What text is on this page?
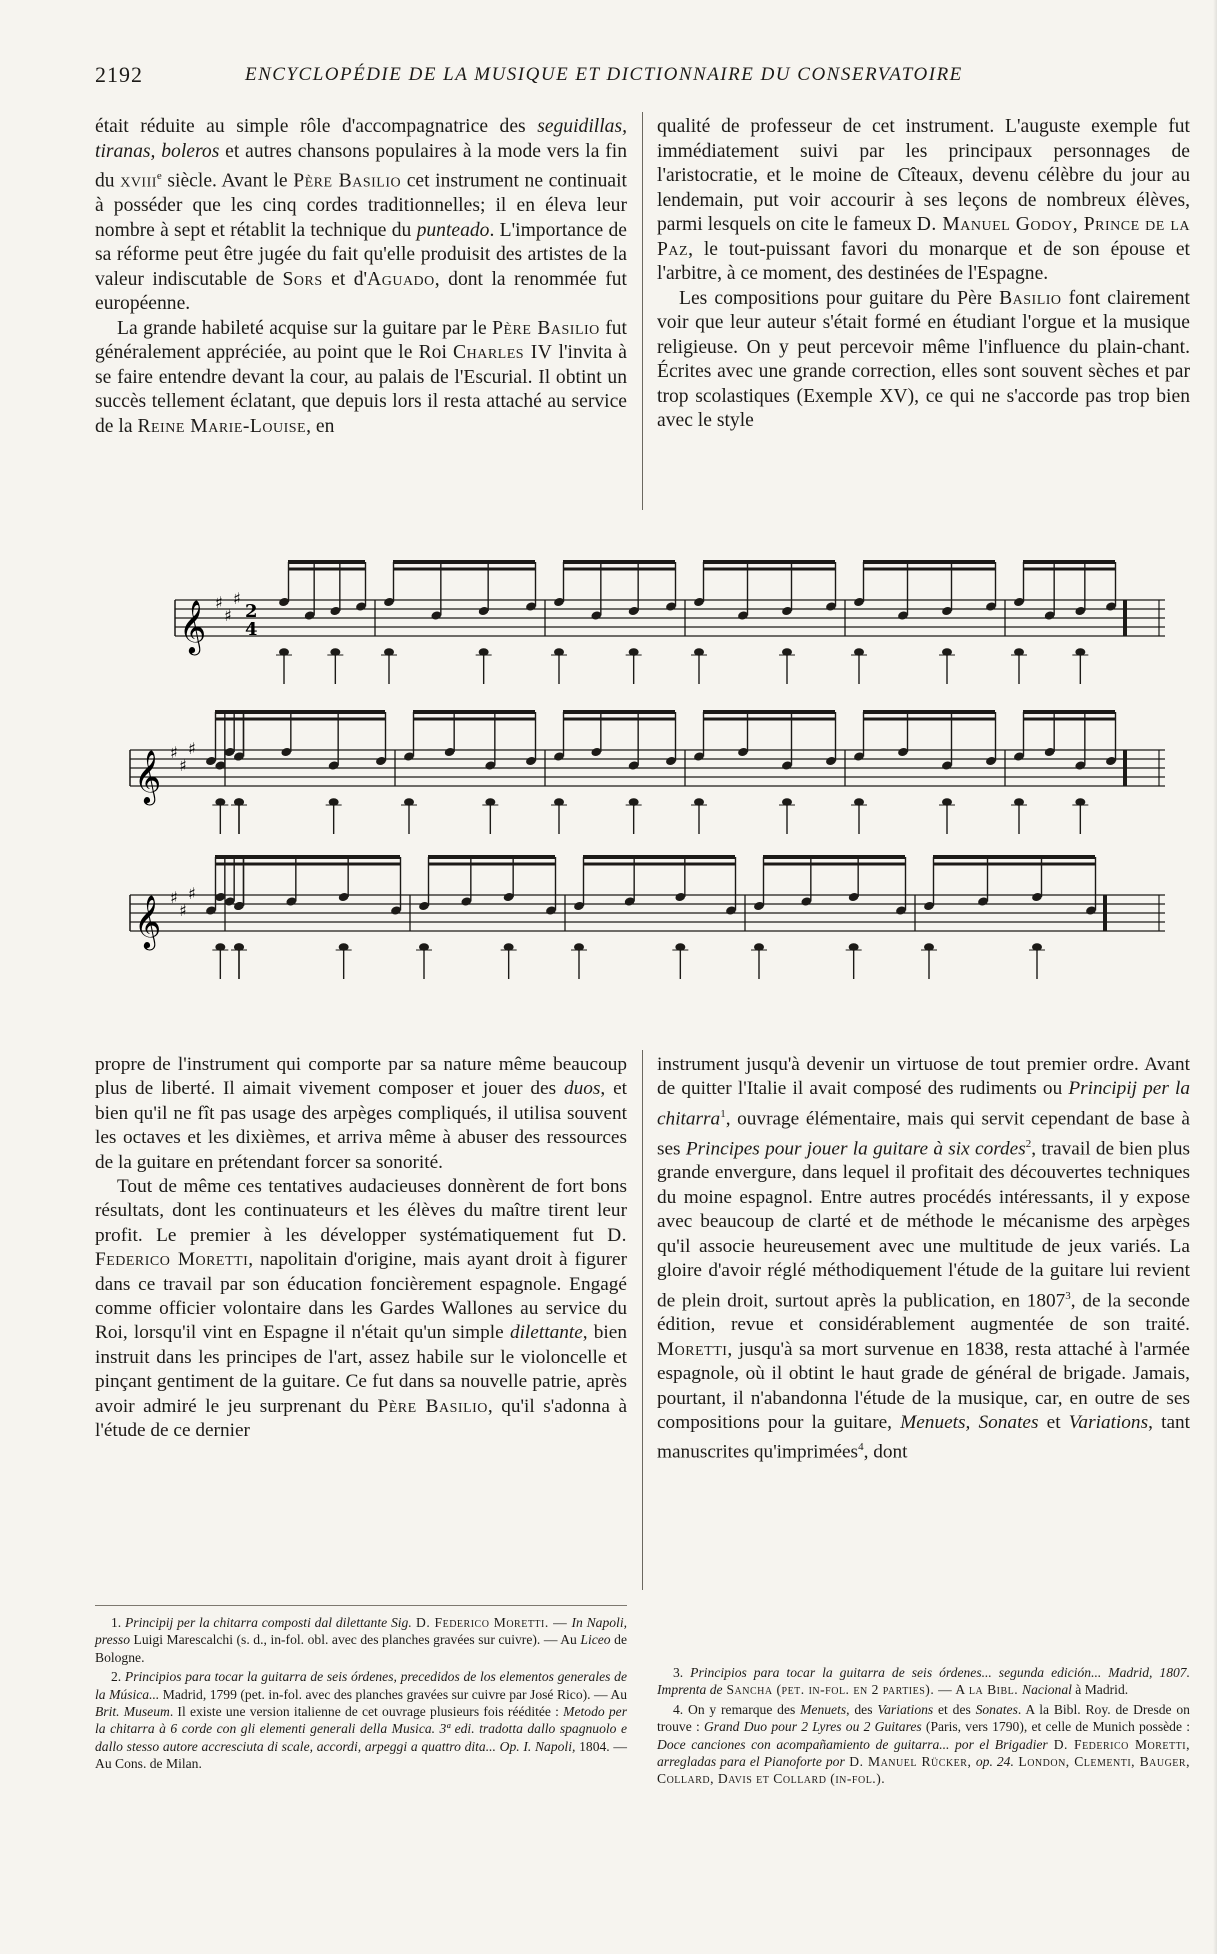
2192	ENCYCLOPÉDIE DE LA MUSIQUE ET DICTIONNAIRE DU CONSERVATOIRE

était réduite au simple rôle d'accompagnatrice des seguidillas, tiranas, boleros et autres chansons populaires à la mode vers la fin du xviii$^e$ siècle. Avant le Père Basilio cet instrument ne continuait à posséder que les cinq cordes traditionnelles; il en éleva leur nombre à sept et rétablit la technique du punteado. L'importance de sa réforme peut être jugée du fait qu'elle produisit des artistes de la valeur indiscutable de Sors et d'Aguado, dont la renommée fut européenne.

La grande habileté acquise sur la guitare par le Père Basilio fut généralement appréciée, au point que le Roi Charles IV l'invita à se faire entendre devant la cour, au palais de l'Escurial. Il obtint un succès tellement éclatant, que depuis lors il resta attaché au service de la Reine Marie-Louise, en

qualité de professeur de cet instrument. L'auguste exemple fut immédiatement suivi par les principaux personnages de l'aristocratie, et le moine de Cîteaux, devenu célèbre du jour au lendemain, put voir accourir à ses leçons de nombreux élèves, parmi lesquels on cite le fameux D. Manuel Godoy, Prince de la Paz, le tout-puissant favori du monarque et de son épouse et l'arbitre, à ce moment, des destinées de l'Espagne.

Les compositions pour guitare du Père Basilio font clairement voir que leur auteur s'était formé en étudiant l'orgue et la musique religieuse. On y peut percevoir même l'influence du plain-chant. Écrites avec une grande correction, elles sont souvent sèches et par trop scolastiques (Exemple XV), ce qui ne s'accorde pas trop bien avec le style

𝄞 ♯
♯
♯
2
4
𝄞 ♯
♯
♯
𝄞 ♯
♯
♯

propre de l'instrument qui comporte par sa nature même beaucoup plus de liberté. Il aimait vivement composer et jouer des duos, et bien qu'il ne fît pas usage des arpèges compliqués, il utilisa souvent les octaves et les dixièmes, et arriva même à abuser des ressources de la guitare en prétendant forcer sa sonorité.

Tout de même ces tentatives audacieuses donnèrent de fort bons résultats, dont les continuateurs et les élèves du maître tirent leur profit. Le premier à les développer systématiquement fut D. Federico Moretti, napolitain d'origine, mais ayant droit à figurer dans ce travail par son éducation foncièrement espagnole. Engagé comme officier volontaire dans les Gardes Wallones au service du Roi, lorsqu'il vint en Espagne il n'était qu'un simple dilettante, bien instruit dans les principes de l'art, assez habile sur le violoncelle et pinçant gentiment de la guitare. Ce fut dans sa nouvelle patrie, après avoir admiré le jeu surprenant du Père Basilio, qu'il s'adonna à l'étude de ce dernier

instrument jusqu'à devenir un virtuose de tout premier ordre. Avant de quitter l'Italie il avait composé des rudiments ou Principij per la chitarra$^1$, ouvrage élémentaire, mais qui servit cependant de base à ses Principes pour jouer la guitare à six cordes$^2$, travail de bien plus grande envergure, dans lequel il profitait des découvertes techniques du moine espagnol. Entre autres procédés intéressants, il y expose avec beaucoup de clarté et de méthode le mécanisme des arpèges qu'il associe heureusement avec une multitude de jeux variés. La gloire d'avoir réglé méthodiquement l'étude de la guitare lui revient de plein droit, surtout après la publication, en 1807$^3$, de la seconde édition, revue et considérablement augmentée de son traité. Moretti, jusqu'à sa mort survenue en 1838, resta attaché à l'armée espagnole, où il obtint le haut grade de général de brigade. Jamais, pourtant, il n'abandonna l'étude de la musique, car, en outre de ses compositions pour la guitare, Menuets, Sonates et Variations, tant manuscrites qu'imprimées$^4$, dont

1. Principij per la chitarra composti dal dilettante Sig. D. Federico Moretti. — In Napoli, presso Luigi Marescalchi (s. d., in-fol. obl. avec des planches gravées sur cuivre). — Au Liceo de Bologne.

2. Principios para tocar la guitarra de seis órdenes, precedidos de los elementos generales de la Música... Madrid, 1799 (pet. in-fol. avec des planches gravées sur cuivre par José Rico). — Au Brit. Museum. Il existe une version italienne de cet ouvrage plusieurs fois rééditée : Metodo per la chitarra à 6 corde con gli elementi generali della Musica. 3ª edi. tradotta dallo spagnuolo e dallo stesso autore accresciuta di scale, accordi, arpeggi a quattro dita... Op. I. Napoli, 1804. — Au Cons. de Milan.

3. Principios para tocar la guitarra de seis órdenes... segunda edición... Madrid, 1807. Imprenta de Sancha (pet. in-fol. en 2 parties). — A la Bibl. Nacional à Madrid.

4. On y remarque des Menuets, des Variations et des Sonates. A la Bibl. Roy. de Dresde on trouve : Grand Duo pour 2 Lyres ou 2 Guitares (Paris, vers 1790), et celle de Munich possède : Doce canciones con acompañamiento de guitarra... por el Brigadier D. Federico Moretti, arregladas para el Pianoforte por D. Manuel Rücker, op. 24. London, Clementi, Bauger, Collard, Davis et Collard (in-fol.).
